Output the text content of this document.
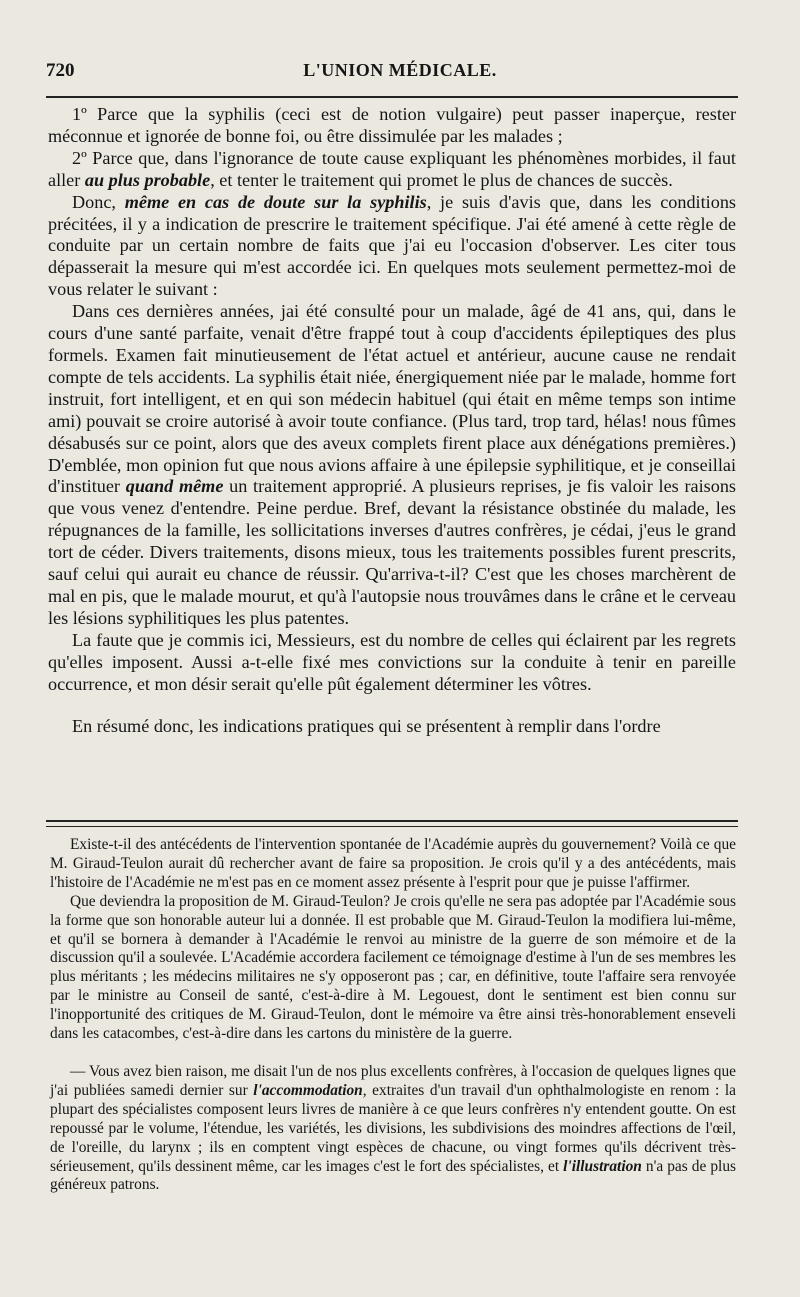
720	L'UNION MÉDICALE.

1º Parce que la syphilis (ceci est de notion vulgaire) peut passer inaperçue, rester méconnue et ignorée de bonne foi, ou être dissimulée par les malades ;

2º Parce que, dans l'ignorance de toute cause expliquant les phénomènes morbides, il faut aller au plus probable, et tenter le traitement qui promet le plus de chances de succès.

Donc, même en cas de doute sur la syphilis, je suis d'avis que, dans les conditions précitées, il y a indication de prescrire le traitement spécifique. J'ai été amené à cette règle de conduite par un certain nombre de faits que j'ai eu l'occasion d'observer. Les citer tous dépasserait la mesure qui m'est accordée ici. En quelques mots seulement permettez-moi de vous relater le suivant :

Dans ces dernières années, jai été consulté pour un malade, âgé de 41 ans, qui, dans le cours d'une santé parfaite, venait d'être frappé tout à coup d'accidents épileptiques des plus formels. Examen fait minutieusement de l'état actuel et antérieur, aucune cause ne rendait compte de tels accidents. La syphilis était niée, énergiquement niée par le malade, homme fort instruit, fort intelligent, et en qui son médecin habituel (qui était en même temps son intime ami) pouvait se croire autorisé à avoir toute confiance. (Plus tard, trop tard, hélas! nous fûmes désabusés sur ce point, alors que des aveux complets firent place aux dénégations premières.) D'emblée, mon opinion fut que nous avions affaire à une épilepsie syphilitique, et je conseillai d'instituer quand même un traitement approprié. A plusieurs reprises, je fis valoir les raisons que vous venez d'entendre. Peine perdue. Bref, devant la résistance obstinée du malade, les répugnances de la famille, les sollicitations inverses d'autres confrères, je cédai, j'eus le grand tort de céder. Divers traitements, disons mieux, tous les traitements possibles furent prescrits, sauf celui qui aurait eu chance de réussir. Qu'arriva-t-il? C'est que les choses marchèrent de mal en pis, que le malade mourut, et qu'à l'autopsie nous trouvâmes dans le crâne et le cerveau les lésions syphilitiques les plus patentes.

La faute que je commis ici, Messieurs, est du nombre de celles qui éclairent par les regrets qu'elles imposent. Aussi a-t-elle fixé mes convictions sur la conduite à tenir en pareille occurrence, et mon désir serait qu'elle pût également déterminer les vôtres.

En résumé donc, les indications pratiques qui se présentent à remplir dans l'ordre

Existe-t-il des antécédents de l'intervention spontanée de l'Académie auprès du gouvernement? Voilà ce que M. Giraud-Teulon aurait dû rechercher avant de faire sa proposition. Je crois qu'il y a des antécédents, mais l'histoire de l'Académie ne m'est pas en ce moment assez présente à l'esprit pour que je puisse l'affirmer.

Que deviendra la proposition de M. Giraud-Teulon? Je crois qu'elle ne sera pas adoptée par l'Académie sous la forme que son honorable auteur lui a donnée. Il est probable que M. Giraud-Teulon la modifiera lui-même, et qu'il se bornera à demander à l'Académie le renvoi au ministre de la guerre de son mémoire et de la discussion qu'il a soulevée. L'Académie accordera facilement ce témoignage d'estime à l'un de ses membres les plus méritants ; les médecins militaires ne s'y opposeront pas ; car, en définitive, toute l'affaire sera renvoyée par le ministre au Conseil de santé, c'est-à-dire à M. Legouest, dont le sentiment est bien connu sur l'inopportunité des critiques de M. Giraud-Teulon, dont le mémoire va être ainsi très-honorablement enseveli dans les catacombes, c'est-à-dire dans les cartons du ministère de la guerre.

— Vous avez bien raison, me disait l'un de nos plus excellents confrères, à l'occasion de quelques lignes que j'ai publiées samedi dernier sur l'accommodation, extraites d'un travail d'un ophthalmologiste en renom : la plupart des spécialistes composent leurs livres de manière à ce que leurs confrères n'y entendent goutte. On est repoussé par le volume, l'étendue, les variétés, les divisions, les subdivisions des moindres affections de l'œil, de l'oreille, du larynx ; ils en comptent vingt espèces de chacune, ou vingt formes qu'ils décrivent très-sérieusement, qu'ils dessinent même, car les images c'est le fort des spécialistes, et l'illustration n'a pas de plus généreux patrons.
